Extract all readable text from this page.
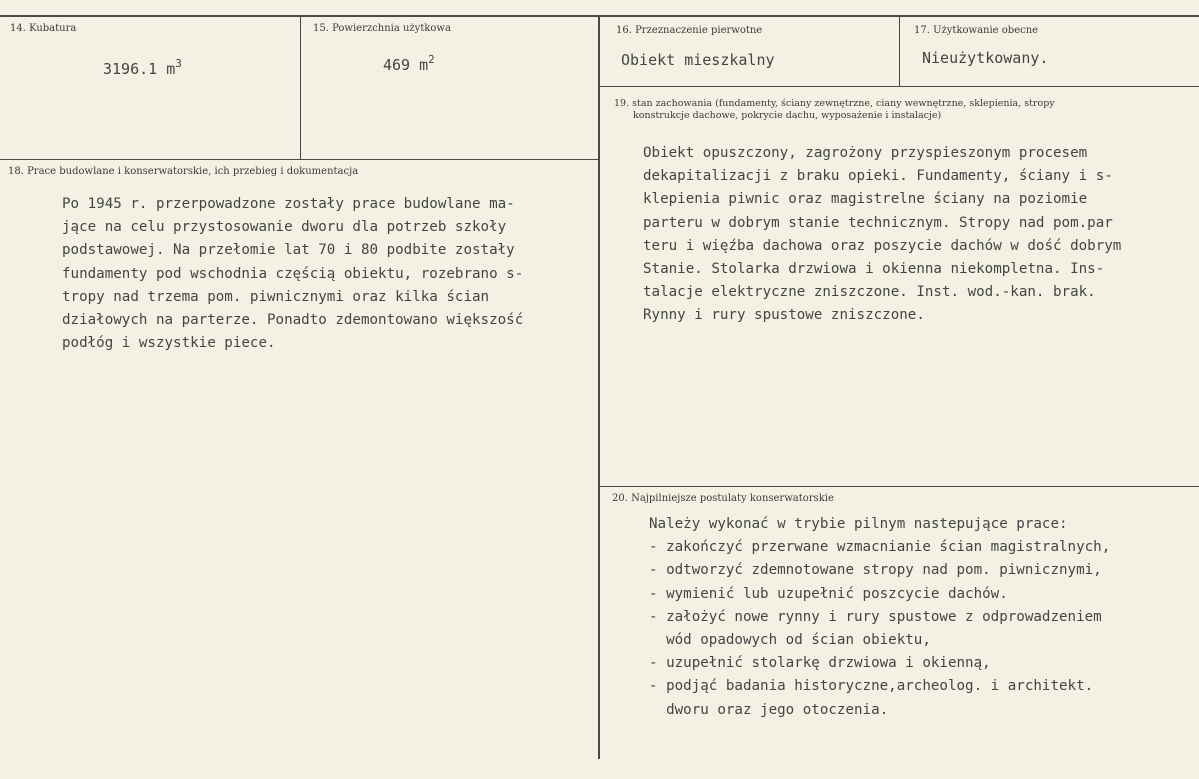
14. Kubatura
3196.1 $m^3$
15. Powierzchnia użytkowa
469 $m^2$
16. Przeznaczenie pierwotne
Obiekt mieszkalny
17. Użytkowanie obecne
Nieużytkowany.
18. Prace budowlane i konserwatorskie, ich przebieg i dokumentacja
Po 1945 r. przerpowadzone zostały prace budowlane ma-
jące na celu przystosowanie dworu dla potrzeb szkoły
podstawowej. Na przełomie lat 70 i 80 podbite zostały
fundamenty pod wschodnia częścią obiektu, rozebrano s-
tropy nad trzema pom. piwnicznymi oraz kilka ścian
działowych na parterze. Ponadto zdemontowano większość
podłóg i wszystkie piece.
19. stan zachowania (fundamenty, ściany zewnętrzne, ciany wewnętrzne, sklepienia, stropy
konstrukcje dachowe, pokrycie dachu, wyposażenie i instalacje)
Obiekt opuszczony, zagrożony przyspieszonym procesem
dekapitalizacji z braku opieki. Fundamenty, ściany i s-
klepienia piwnic oraz magistrelne ściany na poziomie
parteru w dobrym stanie technicznym. Stropy nad pom.par
teru i więźba dachowa oraz poszycie dachów w dość dobrym
Stanie. Stolarka drzwiowa i okienna niekompletna. Ins-
talacje elektryczne zniszczone. Inst. wod.-kan. brak.
Rynny i rury spustowe zniszczone.
20. Najpilniejsze postulaty konserwatorskie
Należy wykonać w trybie pilnym nastepujące prace:
- zakończyć przerwane wzmacnianie ścian magistralnych,
- odtworzyć zdemnotowane stropy nad pom. piwnicznymi,
- wymienić lub uzupełnić poszcycie dachów.
- założyć nowe rynny i rury spustowe z odprowadzeniem
wód opadowych od ścian obiektu,
- uzupełnić stolarkę drzwiowa i okienną,
- podjąć badania historyczne,archeolog. i architekt.
dworu oraz jego otoczenia.
